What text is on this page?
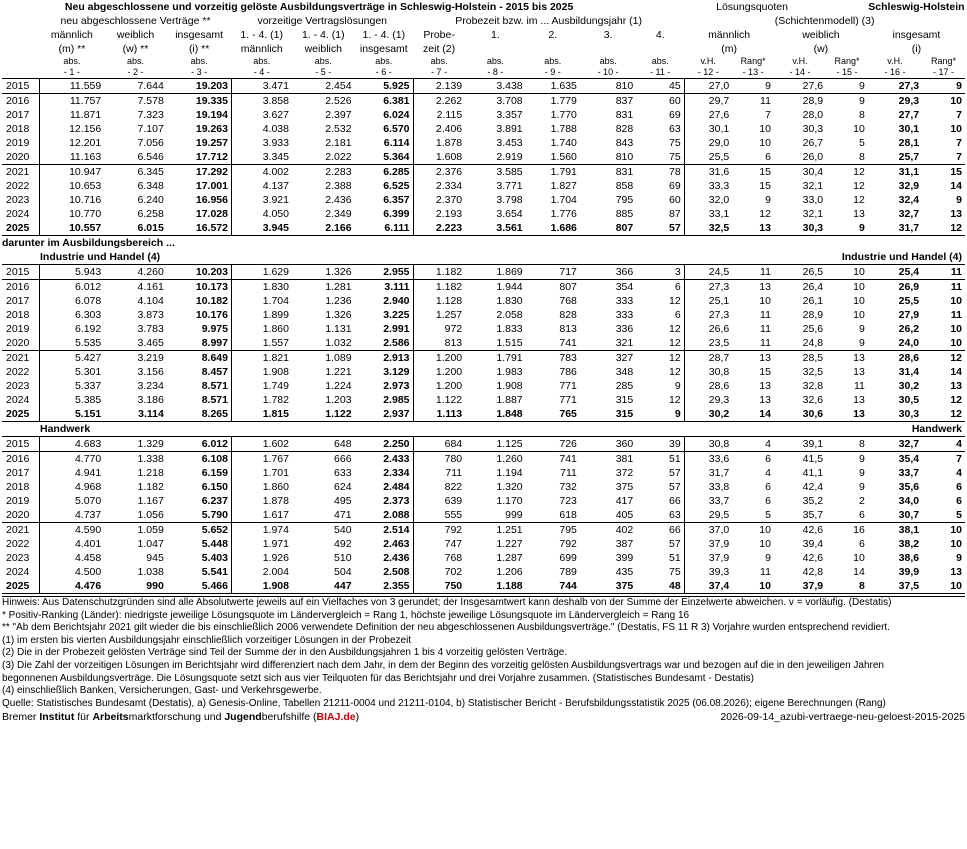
Neu abgeschlossene und vorzeitig gelöste Ausbildungsverträge in Schleswig-Holstein - 2015 bis 2025											Lösungsquoten					Schleswig-Holstein	
	neu abgeschlossene Verträge **			vorzeitige Vertragslösungen			Probezeit bzw. im ... Ausbildungsjahr (1)					(Schichtenmodell) (3)					
	männlich	weiblich	insgesamt	1. - 4. (1)	1. - 4. (1)	1. - 4. (1)	Probe-	1.	2.	3.	4.	männlich		weiblich		insgesamt	
	(m) **	(w) **	(i) **	männlich	weiblich	insgesamt	zeit (2)					(m)		(w)		(i)	
	abs.	abs.	abs.	abs.	abs.	abs.	abs.	abs.	abs.	abs.	abs.	v.H.	Rang*	v.H.	Rang*	v.H.	Rang*
	- 1 -	- 2 -	- 3 -	- 4 -	- 5 -	- 6 -	- 7 -	- 8 -	- 9 -	- 10 -	- 11 -	- 12 -	- 13 -	- 14 -	- 15 -	- 16 -	- 17 -
2015	11.559	7.644	19.203	3.471	2.454	5.925	2.139	3.438	1.635	810	45	27,0	9	27,6	9	27,3	9
2016	11.757	7.578	19.335	3.858	2.526	6.381	2.262	3.708	1.779	837	60	29,7	11	28,9	9	29,3	10
2017	11.871	7.323	19.194	3.627	2.397	6.024	2.115	3.357	1.770	831	69	27,6	7	28,0	8	27,7	7
2018	12.156	7.107	19.263	4.038	2.532	6.570	2.406	3.891	1.788	828	63	30,1	10	30,3	10	30,1	10
2019	12.201	7.056	19.257	3.933	2.181	6.114	1.878	3.453	1.740	843	75	29,0	10	26,7	5	28,1	7
2020	11.163	6.546	17.712	3.345	2.022	5.364	1.608	2.919	1.560	810	75	25,5	6	26,0	8	25,7	7
2021	10.947	6.345	17.292	4.002	2.283	6.285	2.376	3.585	1.791	831	78	31,6	15	30,4	12	31,1	15
2022	10.653	6.348	17.001	4.137	2.388	6.525	2.334	3.771	1.827	858	69	33,3	15	32,1	12	32,9	14
2023	10.716	6.240	16.956	3.921	2.436	6.357	2.370	3.798	1.704	795	60	32,0	9	33,0	12	32,4	9
2024	10.770	6.258	17.028	4.050	2.349	6.399	2.193	3.654	1.776	885	87	33,1	12	32,1	13	32,7	13
2025	10.557	6.015	16.572	3.945	2.166	6.111	2.223	3.561	1.686	807	57	32,5	13	30,3	9	31,7	12
darunter im Ausbildungsbereich ...																	
Industrie und Handel (4)															Industrie und Handel (4)		
2015	5.943	4.260	10.203	1.629	1.326	2.955	1.182	1.869	717	366	3	24,5	11	26,5	10	25,4	11
2016	6.012	4.161	10.173	1.830	1.281	3.111	1.182	1.944	807	354	6	27,3	13	26,4	10	26,9	11
2017	6.078	4.104	10.182	1.704	1.236	2.940	1.128	1.830	768	333	12	25,1	10	26,1	10	25,5	10
2018	6.303	3.873	10.176	1.899	1.326	3.225	1.257	2.058	828	333	6	27,3	11	28,9	10	27,9	11
2019	6.192	3.783	9.975	1.860	1.131	2.991	972	1.833	813	336	12	26,6	11	25,6	9	26,2	10
2020	5.535	3.465	8.997	1.557	1.032	2.586	813	1.515	741	321	12	23,5	11	24,8	9	24,0	10
2021	5.427	3.219	8.649	1.821	1.089	2.913	1.200	1.791	783	327	12	28,7	13	28,5	13	28,6	12
2022	5.301	3.156	8.457	1.908	1.221	3.129	1.200	1.983	786	348	12	30,8	15	32,5	13	31,4	14
2023	5.337	3.234	8.571	1.749	1.224	2.973	1.200	1.908	771	285	9	28,6	13	32,8	11	30,2	13
2024	5.385	3.186	8.571	1.782	1.203	2.985	1.122	1.887	771	315	12	29,3	13	32,6	13	30,5	12
2025	5.151	3.114	8.265	1.815	1.122	2.937	1.113	1.848	765	315	9	30,2	14	30,6	13	30,3	12
Handwerk															Handwerk		
2015	4.683	1.329	6.012	1.602	648	2.250	684	1.125	726	360	39	30,8	4	39,1	8	32,7	4
2016	4.770	1.338	6.108	1.767	666	2.433	780	1.260	741	381	51	33,6	6	41,5	9	35,4	7
2017	4.941	1.218	6.159	1.701	633	2.334	711	1.194	711	372	57	31,7	4	41,1	9	33,7	4
2018	4.968	1.182	6.150	1.860	624	2.484	822	1.320	732	375	57	33,8	6	42,4	9	35,6	6
2019	5.070	1.167	6.237	1.878	495	2.373	639	1.170	723	417	66	33,7	6	35,2	2	34,0	6
2020	4.737	1.056	5.790	1.617	471	2.088	555	999	618	405	63	29,5	5	35,7	6	30,7	5
2021	4.590	1.059	5.652	1.974	540	2.514	792	1.251	795	402	66	37,0	10	42,6	16	38,1	10
2022	4.401	1.047	5.448	1.971	492	2.463	747	1.227	792	387	57	37,9	10	39,4	6	38,2	10
2023	4.458	945	5.403	1.926	510	2.436	768	1.287	699	399	51	37,9	9	42,6	10	38,6	9
2024	4.500	1.038	5.541	2.004	504	2.508	702	1.206	789	435	75	39,3	11	42,8	14	39,9	13
2025	4.476	990	5.466	1.908	447	2.355	750	1.188	744	375	48	37,4	10	37,9	8	37,5	10
Hinweis: Aus Datenschutzgründen sind alle Absolutwerte jeweils auf ein Vielfaches von 3 gerundet; der Insgesamtwert kann deshalb von der Summe der Einzelwerte abweichen. v = vorläufig. (Destatis)
* Positiv-Ranking (Länder): niedrigste jeweilige Lösungsquote im Ländervergleich = Rang 1, höchste jeweilige Lösungsquote im Ländervergleich = Rang 16
** "Ab dem Berichtsjahr 2021 gilt wieder die bis einschließlich 2006 verwendete Definition der neu abgeschlossenen Ausbildungsverträge." (Destatis, FS 11 R 3) Vorjahre wurden entsprechend revidiert.
(1) im ersten bis vierten Ausbildungsjahr einschließlich vorzeitiger Lösungen in der Probezeit
(2) Die in der Probezeit gelösten Verträge sind Teil der Summe der in den Ausbildungsjahren 1 bis 4 vorzeitig gelösten Verträge.
(3) Die Zahl der vorzeitigen Lösungen im Berichtsjahr wird differenziert nach dem Jahr, in dem der Beginn des vorzeitig gelösten Ausbildungsvertrags war und bezogen auf die in den jeweiligen Jahren
begonnenen Ausbildungsverträge. Die Lösungsquote setzt sich aus vier Teilquoten für das Berichtsjahr und drei Vorjahre zusammen. (Statistisches Bundesamt - Destatis)
(4) einschließlich Banken, Versicherungen, Gast- und Verkehrsgewerbe.
Quelle: Statistisches Bundesamt (Destatis), a) Genesis-Online, Tabellen 21211-0004 und 21211-0104, b) Statistischer Bericht - Berufsbildungsstatistik 2025 (06.08.2026); eigene Berechnungen (Rang)
Bremer Institut für Arbeitsmarktforschung und Jugendberufshilfe (BIAJ.de)	2026-09-14_azubi-vertraege-neu-geloest-2015-2025
